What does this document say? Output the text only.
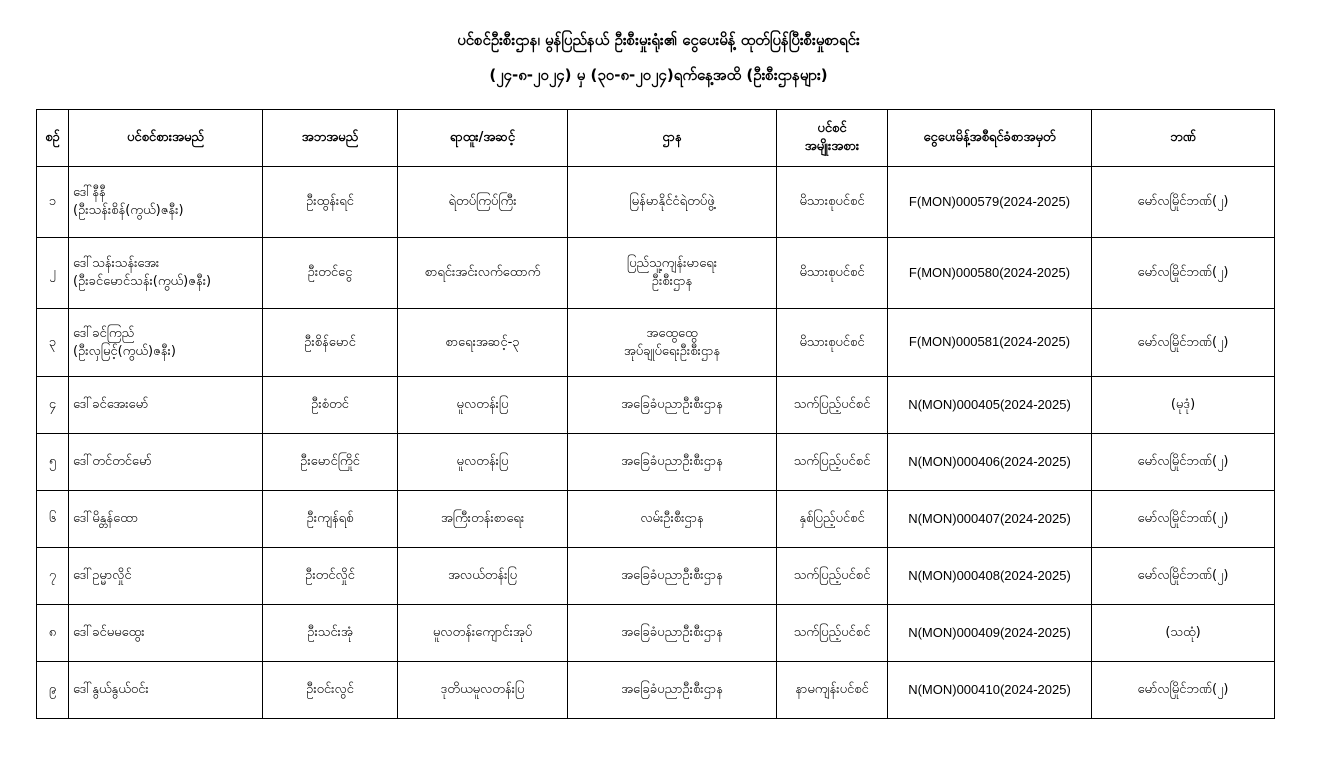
ပင်စင်ဦးစီးဌာန၊ မွန်ပြည်နယ် ဦးစီးမှုးရုံး၏ ငွေပေးမိန့် ထုတ်ပြန်ပြီးစီးမှုစာရင်း
(၂၄-၈-၂၀၂၄) မှ (၃၀-၈-၂၀၂၄)ရက်နေ့အထိ (ဦးစီးဌာနများ)
စဉ်	ပင်စင်စားအမည်	အဘအမည်	ရာထူး/အဆင့်	ဌာန	ပင်စင်
အမျိုးအစား	ငွေပေးမိန့်အစီရင်ခံစာအမှတ်	ဘဏ်

၁	ဒေါ်နီနီ
(ဦးသန်းစိန်(ကွယ်)ဇနီး)	ဦးထွန်းရင်	ရဲတပ်ကြပ်ကြီး	မြန်မာနိုင်ငံရဲတပ်ဖွဲ့	မိသားစုပင်စင်	F(MON)000579(2024-2025)	မော်လမြိုင်ဘဏ်(၂)

၂	ဒေါ်သန်းသန်းအေး
(ဦးခင်မောင်သန်း(ကွယ်)ဇနီး)	ဦးတင်ငွေ	စာရင်းအင်းလက်ထောက်	ပြည်သူ့ကျန်းမာရေး
ဦးစီးဌာန	မိသားစုပင်စင်	F(MON)000580(2024-2025)	မော်လမြိုင်ဘဏ်(၂)

၃	ဒေါ်ခင်ကြည်
(ဦးလှမြင့်(ကွယ်)ဇနီး)	ဦးစိန်မောင်	စာရေးအဆင့်-၃	အထွေထွေ
အုပ်ချုပ်ရေးဦးစီးဌာန	မိသားစုပင်စင်	F(MON)000581(2024-2025)	မော်လမြိုင်ဘဏ်(၂)

၄	ဒေါ်ခင်အေးမော်	ဦးစံတင်	မူလတန်းပြ	အခြေခံပညာဦးစီးဌာန	သက်ပြည့်ပင်စင်	N(MON)000405(2024-2025)	(မုဒုံ)

၅	ဒေါ်တင်တင်မော်	ဦးမောင်ကြိုင်	မူလတန်းပြ	အခြေခံပညာဦးစီးဌာန	သက်ပြည့်ပင်စင်	N(MON)000406(2024-2025)	မော်လမြိုင်ဘဏ်(၂)

၆	ဒေါ်မိန္တန်ထော	ဦးကျန်ရစ်	အကြီးတန်းစာရေး	လမ်းဦးစီးဌာန	နှစ်ပြည့်ပင်စင်	N(MON)000407(2024-2025)	မော်လမြိုင်ဘဏ်(၂)

၇	ဒေါ်ဥမ္မာလှိုင်	ဦးတင်လှိုင်	အလယ်တန်းပြ	အခြေခံပညာဦးစီးဌာန	သက်ပြည့်ပင်စင်	N(MON)000408(2024-2025)	မော်လမြိုင်ဘဏ်(၂)

၈	ဒေါ်ခင်မမထွေး	ဦးသင်းအုံ	မူလတန်းကျောင်းအုပ်	အခြေခံပညာဦးစီးဌာန	သက်ပြည့်ပင်စင်	N(MON)000409(2024-2025)	(သထုံ)

၉	ဒေါ်နွယ်နွယ်ဝင်း	ဦးဝင်းလွင်	ဒုတိယမူလတန်းပြ	အခြေခံပညာဦးစီးဌာန	နာမကျန်းပင်စင်	N(MON)000410(2024-2025)	မော်လမြိုင်ဘဏ်(၂)
